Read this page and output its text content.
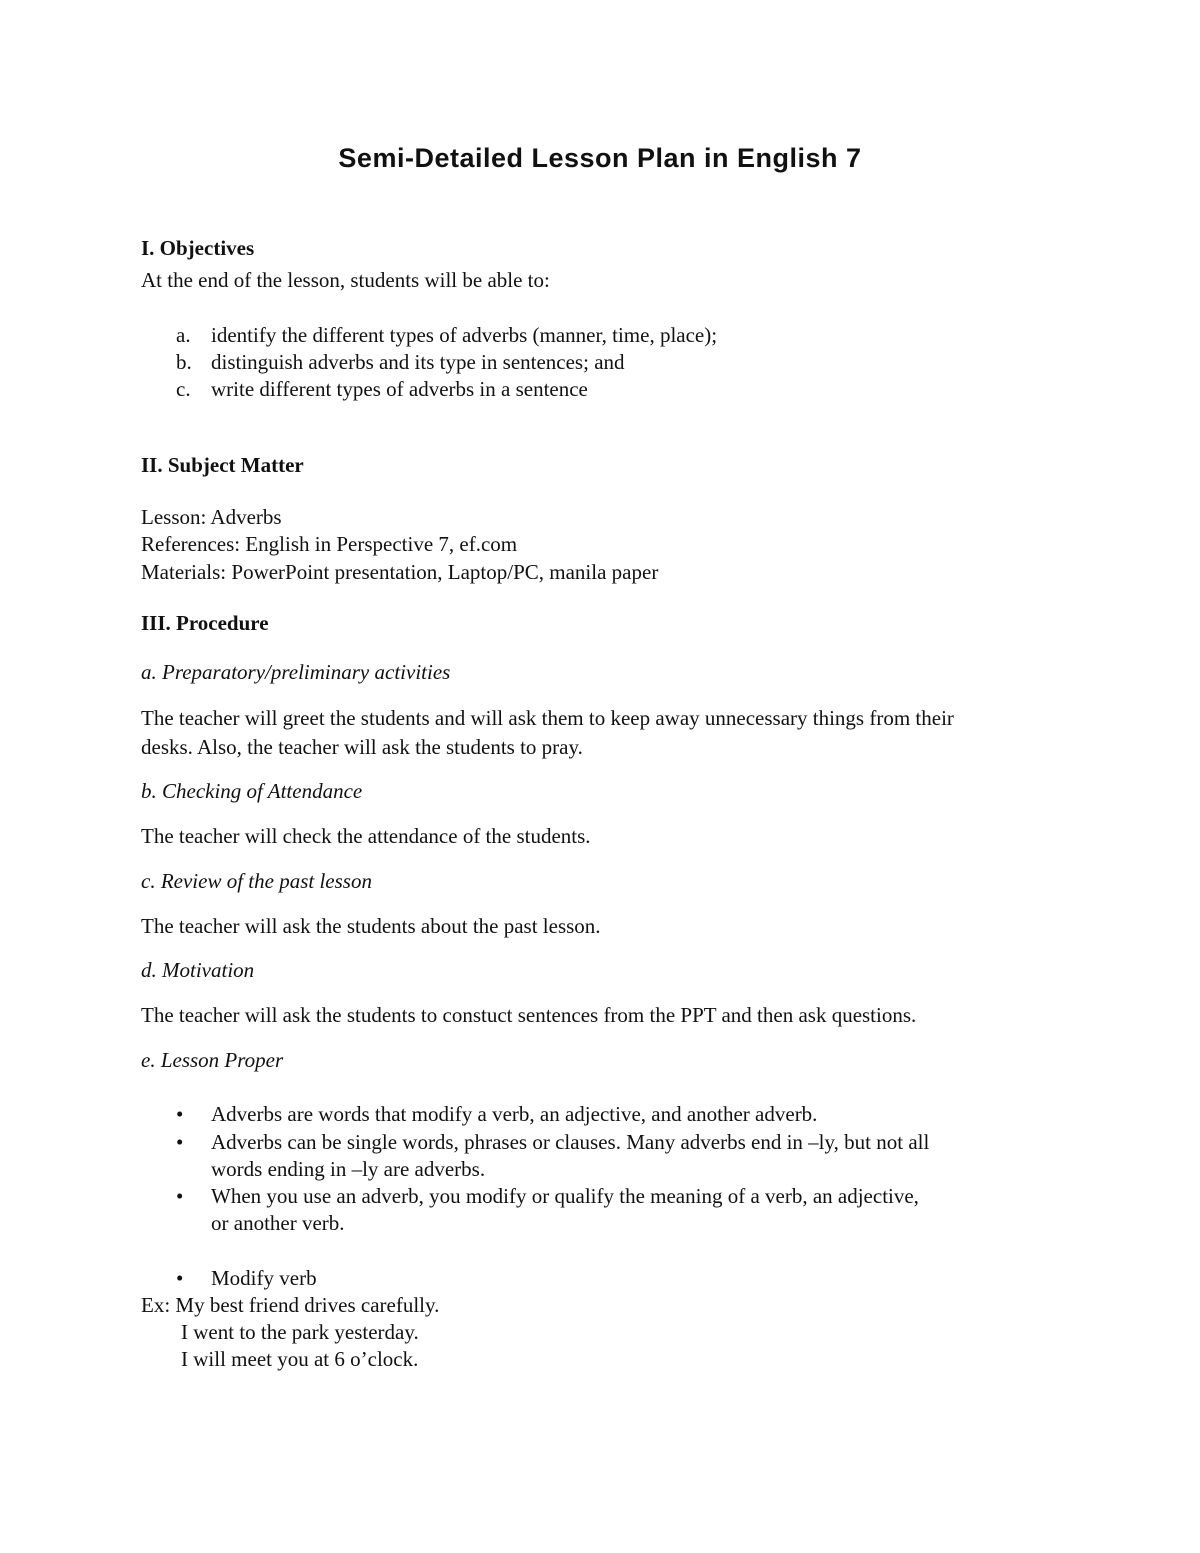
Semi-Detailed Lesson Plan in English 7
I. Objectives
At the end of the lesson, students will be able to:
a. identify the different types of adverbs (manner, time, place);
b. distinguish adverbs and its type in sentences; and
c. write different types of adverbs in a sentence
II. Subject Matter
Lesson: Adverbs
References: English in Perspective 7, ef.com
Materials: PowerPoint presentation, Laptop/PC, manila paper
III. Procedure
a. Preparatory/preliminary activities
The teacher will greet the students and will ask them to keep away unnecessary things from their
desks. Also, the teacher will ask the students to pray.
b. Checking of Attendance
The teacher will check the attendance of the students.
c. Review of the past lesson
The teacher will ask the students about the past lesson.
d. Motivation
The teacher will ask the students to constuct sentences from the PPT and then ask questions.
e. Lesson Proper
• Adverbs are words that modify a verb, an adjective, and another adverb.
• Adverbs can be single words, phrases or clauses. Many adverbs end in –ly, but not all
words ending in –ly are adverbs.
• When you use an adverb, you modify or qualify the meaning of a verb, an adjective,
or another verb.
• Modify verb
Ex: My best friend drives carefully.
I went to the park yesterday.
I will meet you at 6 o’clock.
